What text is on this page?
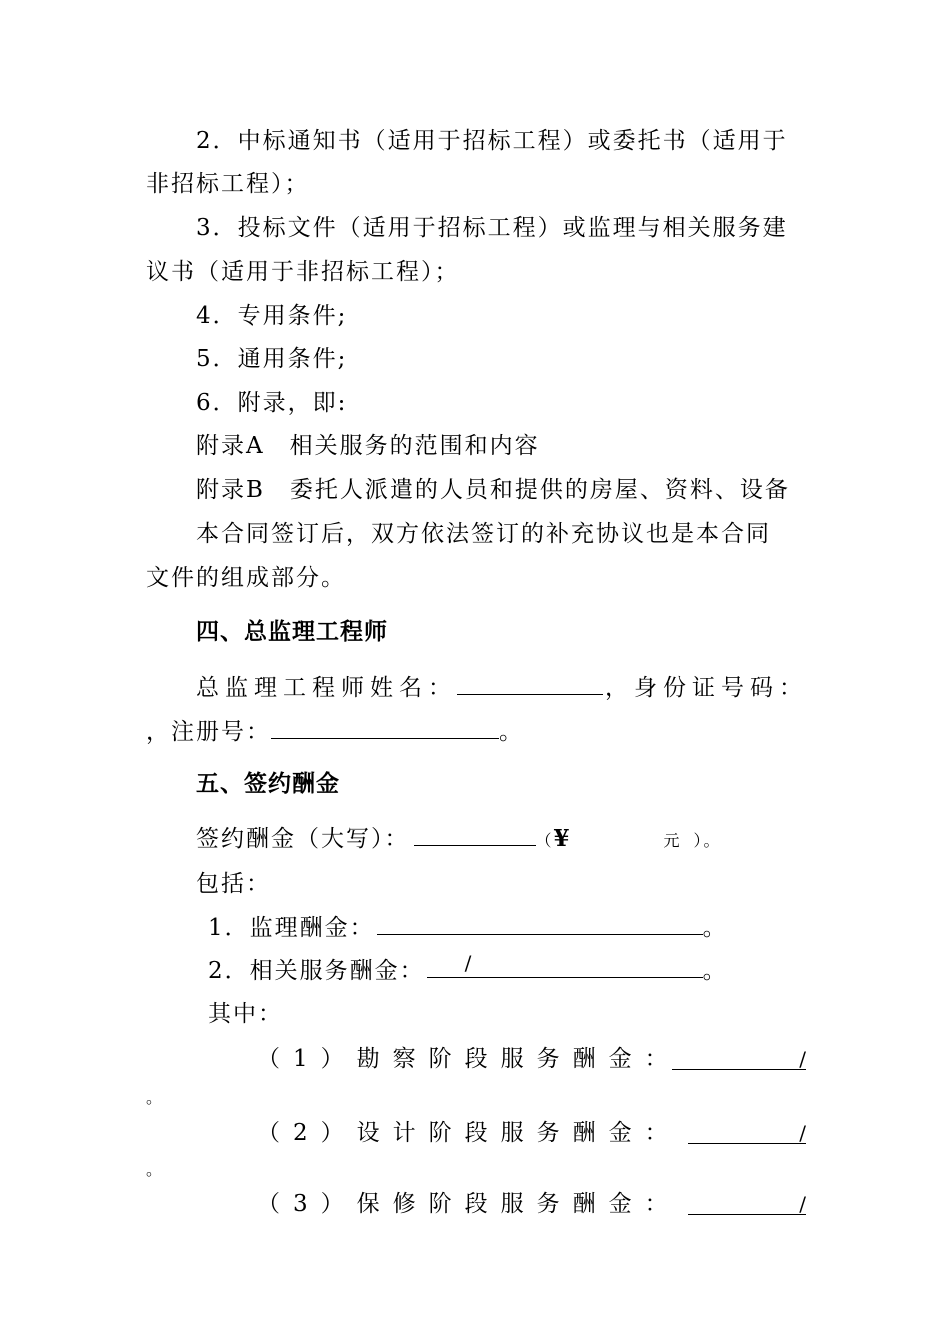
2．中标通知书（适用于招标工程）或委托书（适用于
非招标工程）；
3．投标文件（适用于招标工程）或监理与相关服务建
议书（适用于非招标工程）；
4．专用条件;
5．通用条件;
6．附录，即:
附录A　相关服务的范围和内容
附录B　委托人派遣的人员和提供的房屋、资料、设备
本合同签订后，双方依法签订的补充协议也是本合同
文件的组成部分。
四、总监理工程师
总监理工程师姓名：	，身份证号码：
，注册号：	。
五、签约酬金
签约酬金（大写）：	（¥	元 ）。
包括：
1．监理酬金：	。
2．相关服务酬金： /	。
其中：
（1）勘察阶段服务酬金：	/
。
（2）设计阶段服务酬金：	/
。
（3）保修阶段服务酬金：	/
